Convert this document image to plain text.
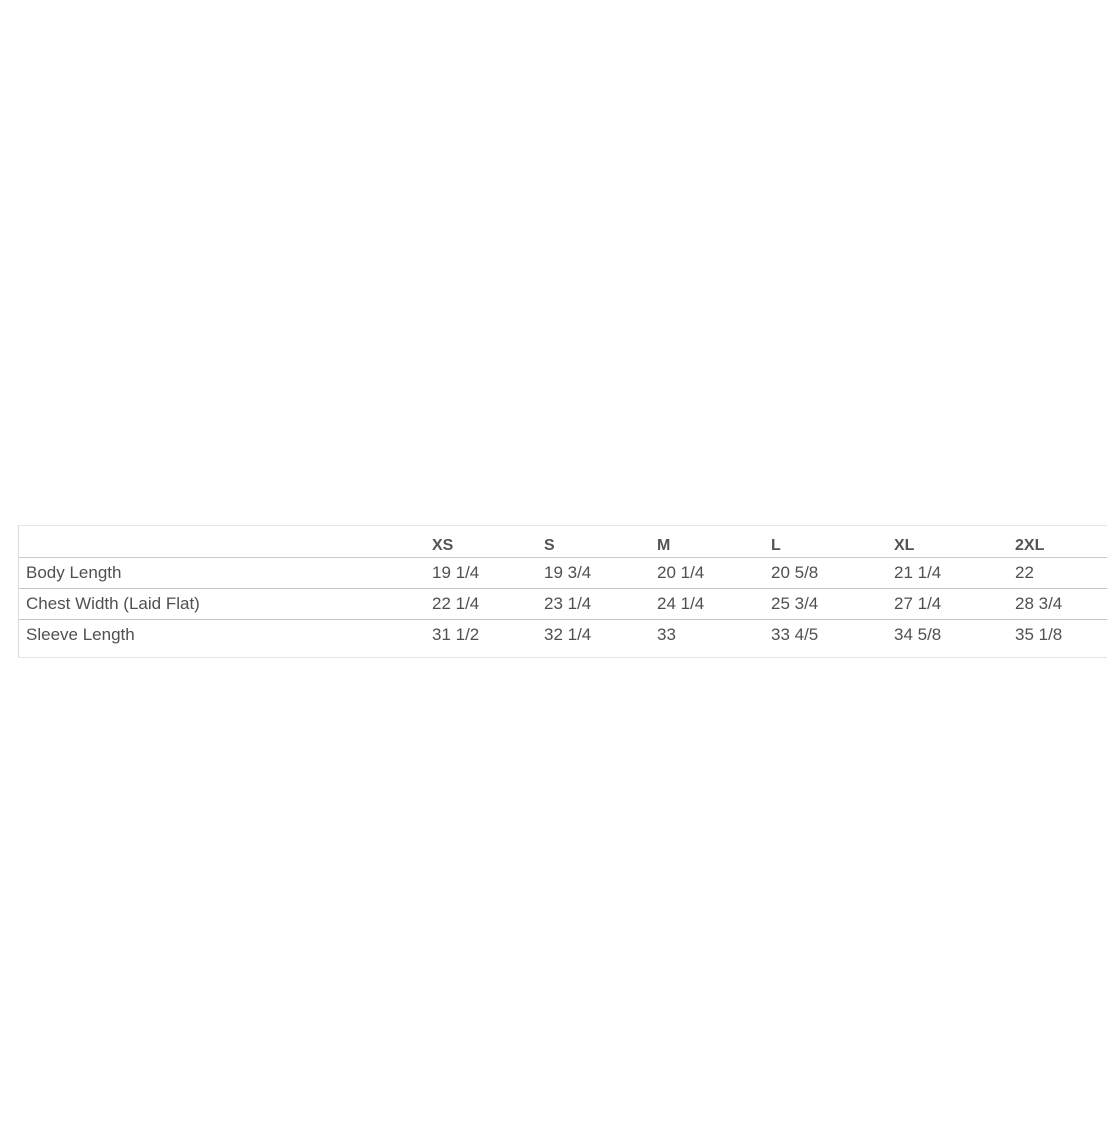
	XS	S	M	L	XL	2XL
Body Length	19 1/4	19 3/4	20 1/4	20 5/8	21 1/4	22
Chest Width (Laid Flat)	22 1/4	23 1/4	24 1/4	25 3/4	27 1/4	28 3/4
Sleeve Length	31 1/2	32 1/4	33	33 4/5	34 5/8	35 1/8
